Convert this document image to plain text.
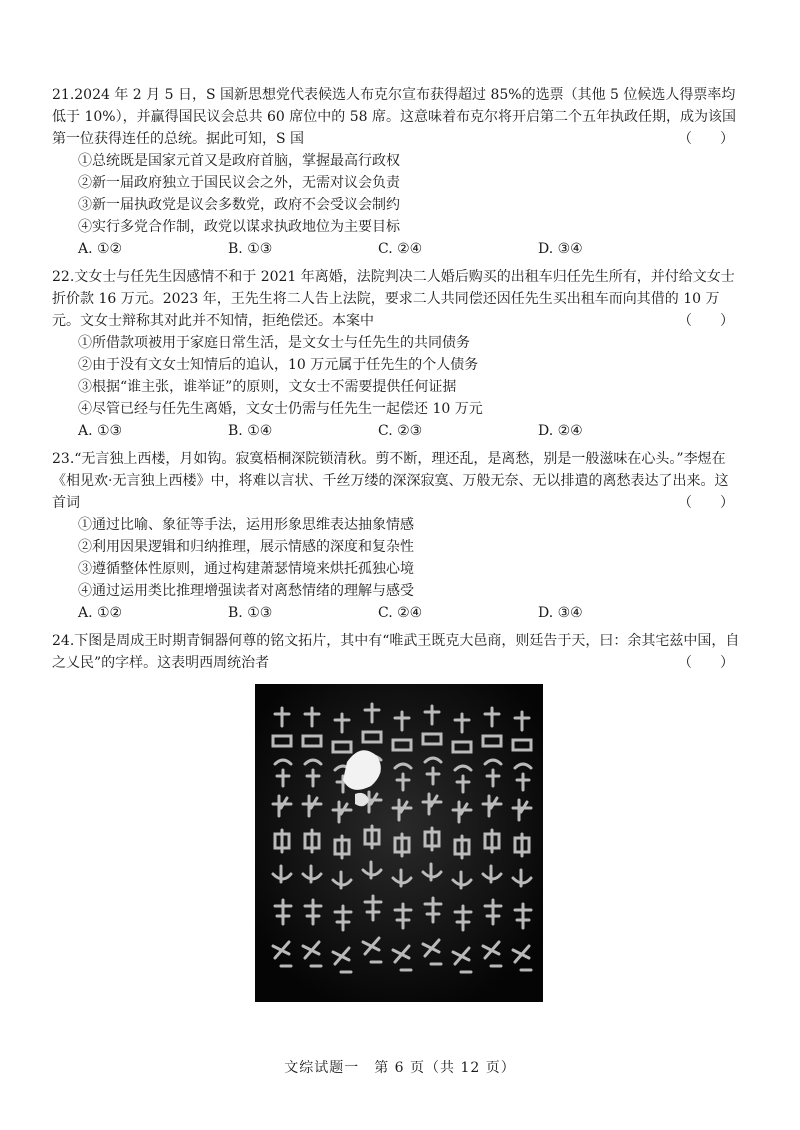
21.2024 年 2 月 5 日，S 国新思想党代表候选人布克尔宣布获得超过 85%的选票（其他 5 位候选人得票率均低于 10%），并赢得国民议会总共 60 席位中的 58 席。这意味着布克尔将开启第二个五年执政任期，成为该国第一位获得连任的总统。据此可知，S 国	（　　）

①总统既是国家元首又是政府首脑，掌握最高行政权

②新一届政府独立于国民议会之外，无需对议会负责

③新一届执政党是议会多数党，政府不会受议会制约

④实行多党合作制，政党以谋求执政地位为主要目标

A. ①②	B. ①③	C. ②④	D. ③④

22.文女士与任先生因感情不和于 2021 年离婚，法院判决二人婚后购买的出租车归任先生所有，并付给文女士折价款 16 万元。2023 年，王先生将二人告上法院，要求二人共同偿还因任先生买出租车而向其借的 10 万元。文女士辩称其对此并不知情，拒绝偿还。本案中	（　　）

①所借款项被用于家庭日常生活，是文女士与任先生的共同债务

②由于没有文女士知情后的追认，10 万元属于任先生的个人债务

③根据“谁主张，谁举证”的原则，文女士不需要提供任何证据

④尽管已经与任先生离婚，文女士仍需与任先生一起偿还 10 万元

A. ①③	B. ①④	C. ②③	D. ②④

23.“无言独上西楼，月如钩。寂寞梧桐深院锁清秋。剪不断，理还乱，是离愁，别是一般滋味在心头。”李煜在《相见欢·无言独上西楼》中，将难以言状、千丝万缕的深深寂寞、万般无奈、无以排遣的离愁表达了出来。这首词	（　　）

①通过比喻、象征等手法，运用形象思维表达抽象情感

②利用因果逻辑和归纳推理，展示情感的深度和复杂性

③遵循整体性原则，通过构建萧瑟情境来烘托孤独心境

④通过运用类比推理增强读者对离愁情绪的理解与感受

A. ①②	B. ①③	C. ②④	D. ③④

24.下图是周成王时期青铜器何尊的铭文拓片，其中有“唯武王既克大邑商，则廷告于天，曰：余其宅兹中国，自之乂民”的字样。这表明西周统治者	（　　）

文综试题一　第 6 页（共 12 页）
